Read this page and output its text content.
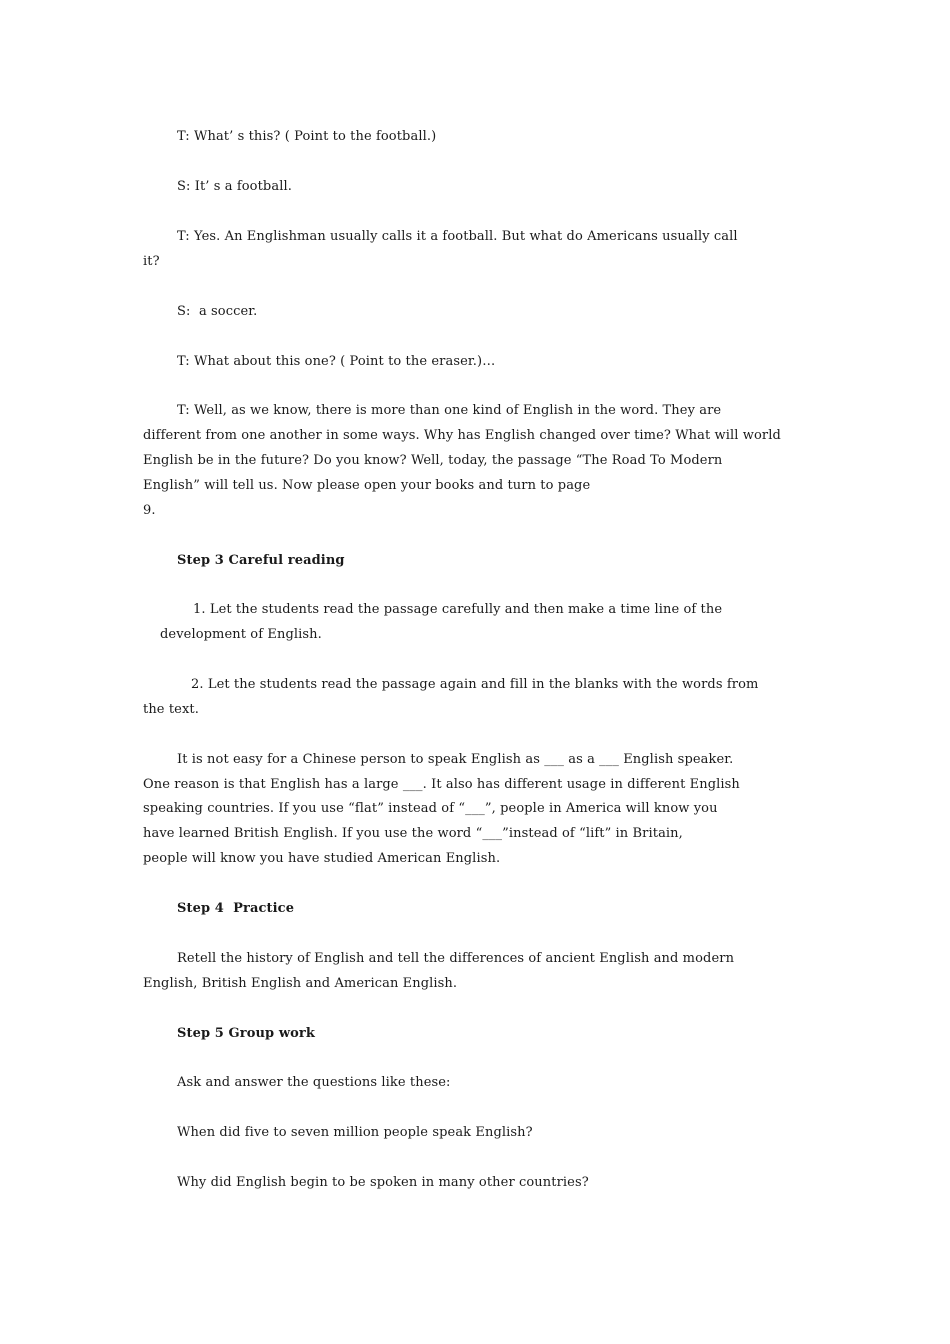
T: What’ s this? ( Point to the football.)
S: It’ s a football.
T: Yes. An Englishman usually calls it a football. But what do Americans usually call
it?
S:  a soccer.
T: What about this one? ( Point to the eraser.)…
T: Well, as we know, there is more than one kind of English in the word. They are
different from one another in some ways. Why has English changed over time? What will world
English be in the future? Do you know? Well, today, the passage “The Road To Modern
English” will tell us. Now please open your books and turn to page
9.
Step 3 Careful reading
1. Let the students read the passage carefully and then make a time line of the
development of English.
2. Let the students read the passage again and fill in the blanks with the words from
the text.
It is not easy for a Chinese person to speak English as ___ as a ___ English speaker.
One reason is that English has a large ___. It also has different usage in different English
speaking countries. If you use “flat” instead of “___”, people in America will know you
have learned British English. If you use the word “___”instead of “lift” in Britain,
people will know you have studied American English.
Step 4  Practice
Retell the history of English and tell the differences of ancient English and modern
English, British English and American English.
Step 5 Group work
Ask and answer the questions like these:
When did five to seven million people speak English?
Why did English begin to be spoken in many other countries?
